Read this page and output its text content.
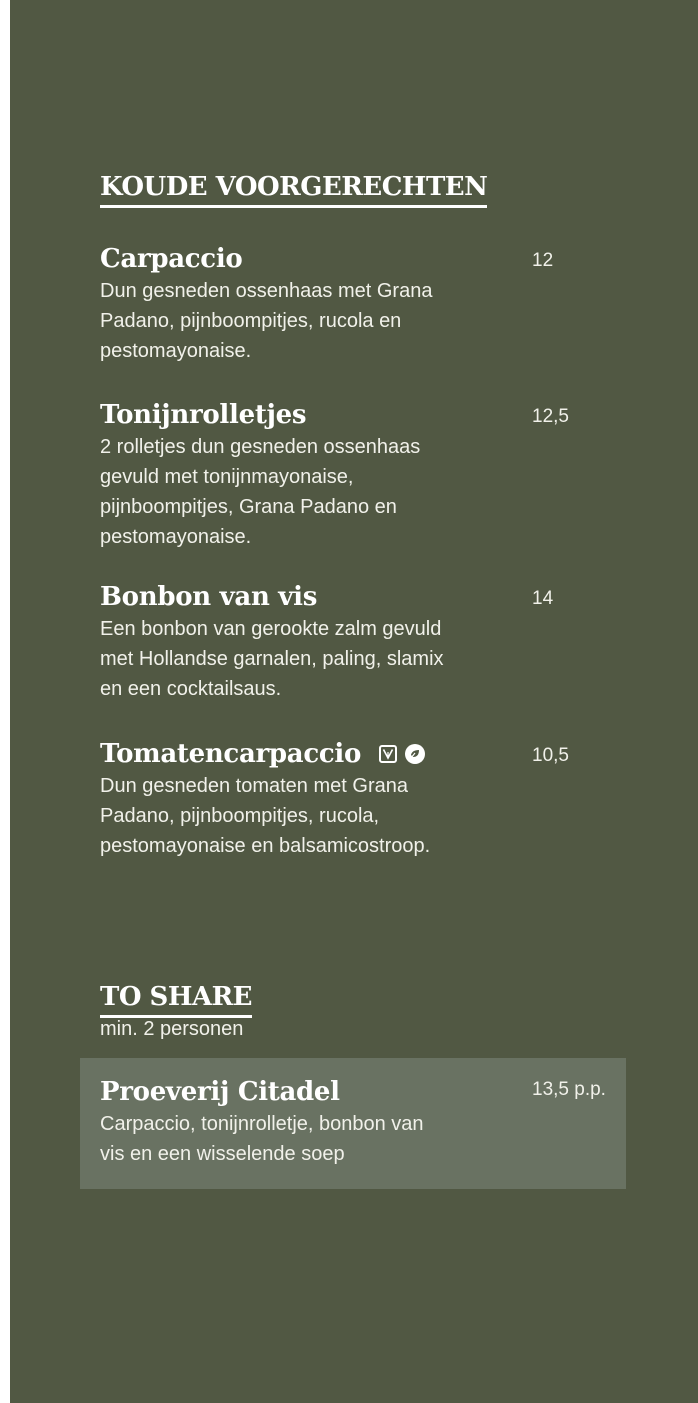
KOUDE VOORGERECHTEN
Carpaccio

Dun gesneden ossenhaas met Grana Padano, pijnboompitjes, rucola en pestomayonaise.

12
Tonijnrolletjes

2 rolletjes dun gesneden ossenhaas gevuld met tonijnmayonaise, pijnboompitjes, Grana Padano en pestomayonaise.

12,5
Bonbon van vis

Een bonbon van gerookte zalm gevuld met Hollandse garnalen, paling, slamix en een cocktailsaus.

14
Tomatencarpaccio

Dun gesneden tomaten met Grana Padano, pijnboompitjes, rucola, pestomayonaise en balsamicostroop.

10,5
TO SHARE

min. 2 personen

Proeverij Citadel

Carpaccio, tonijnrolletje, bonbon van vis en een wisselende soep

13,5 p.p.
